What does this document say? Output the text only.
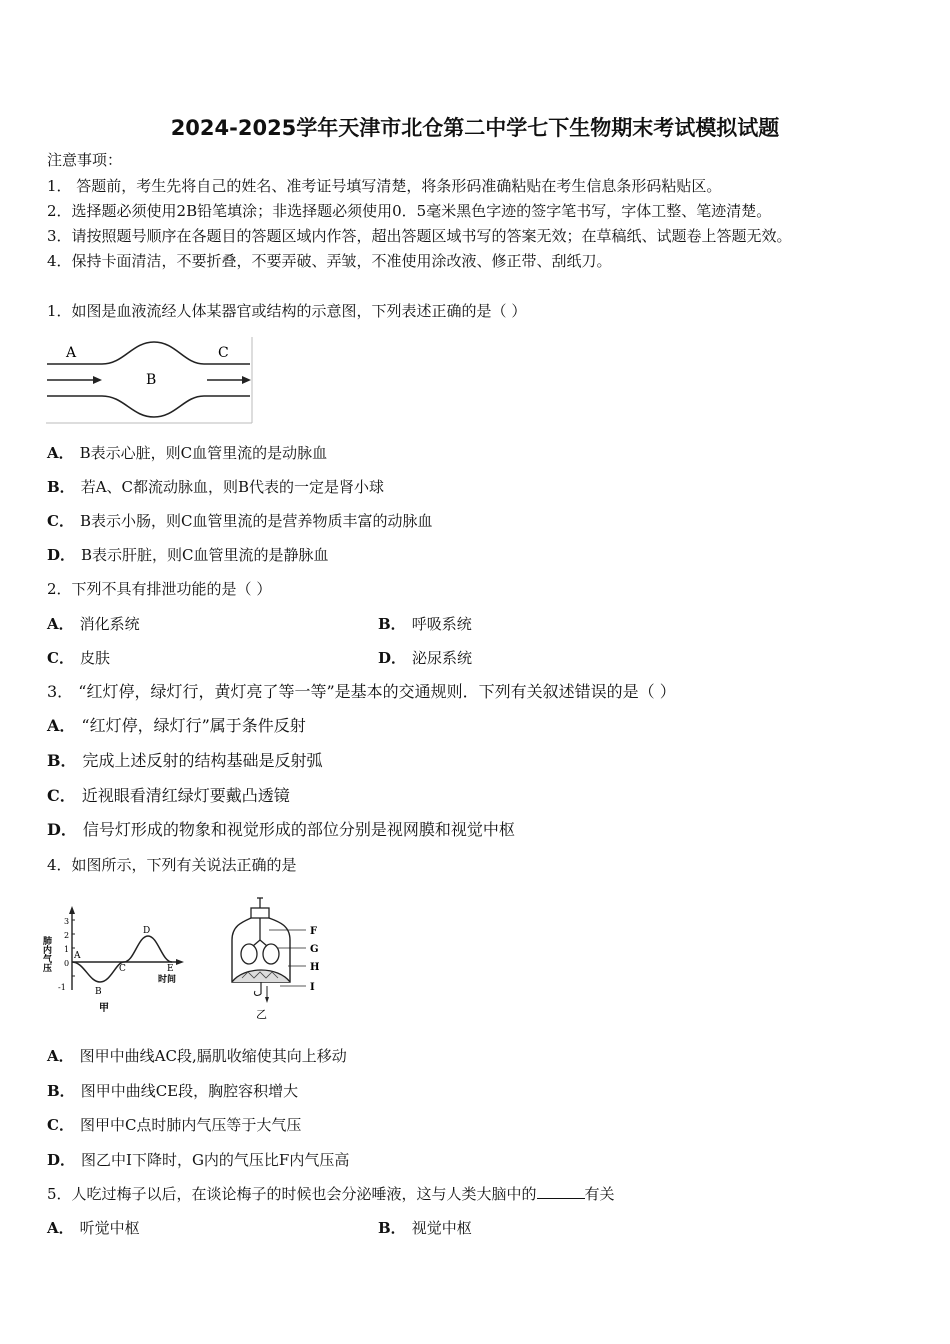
2024-2025学年天津市北仓第二中学七下生物期末考试模拟试题
注意事项：
1． 答题前，考生先将自己的姓名、准考证号填写清楚，将条形码准确粘贴在考生信息条形码粘贴区。
2．选择题必须使用2B铅笔填涂；非选择题必须使用0．5毫米黑色字迹的签字笔书写，字体工整、笔迹清楚。
3．请按照题号顺序在各题目的答题区域内作答，超出答题区域书写的答案无效；在草稿纸、试题卷上答题无效。
4．保持卡面清洁，不要折叠，不要弄破、弄皱，不准使用涂改液、修正带、刮纸刀。
1．如图是血液流经人体某器官或结构的示意图，下列表述正确的是（ ）
A
B
C
A． B表示心脏，则C血管里流的是动脉血
B． 若A、C都流动脉血，则B代表的一定是肾小球
C． B表示小肠，则C血管里流的是营养物质丰富的动脉血
D． B表示肝脏，则C血管里流的是静脉血
2．下列不具有排泄功能的是（ ）
A． 消化系统	B． 呼吸系统
C． 皮肤	D． 泌尿系统
3． “红灯停，绿灯行，黄灯亮了等一等”是基本的交通规则．下列有关叙述错误的是（ ）
A． “红灯停，绿灯行”属于条件反射
B． 完成上述反射的结构基础是反射弧
C． 近视眼看清红绿灯要戴凸透镜
D． 信号灯形成的物象和视觉形成的部位分别是视网膜和视觉中枢
4．如图所示，下列有关说法正确的是
3
2
1
0
-1
肺内气压	A
B
C
D
E
时间
甲
F
G
H
I
乙
A． 图甲中曲线AC段,膈肌收缩使其向上移动
B． 图甲中曲线CE段，胸腔容积增大
C． 图甲中C点时肺内气压等于大气压
D． 图乙中I下降时，G内的气压比F内气压高
5．人吃过梅子以后，在谈论梅子的时候也会分泌唾液，这与人类大脑中的	有关
A． 听觉中枢	B． 视觉中枢
